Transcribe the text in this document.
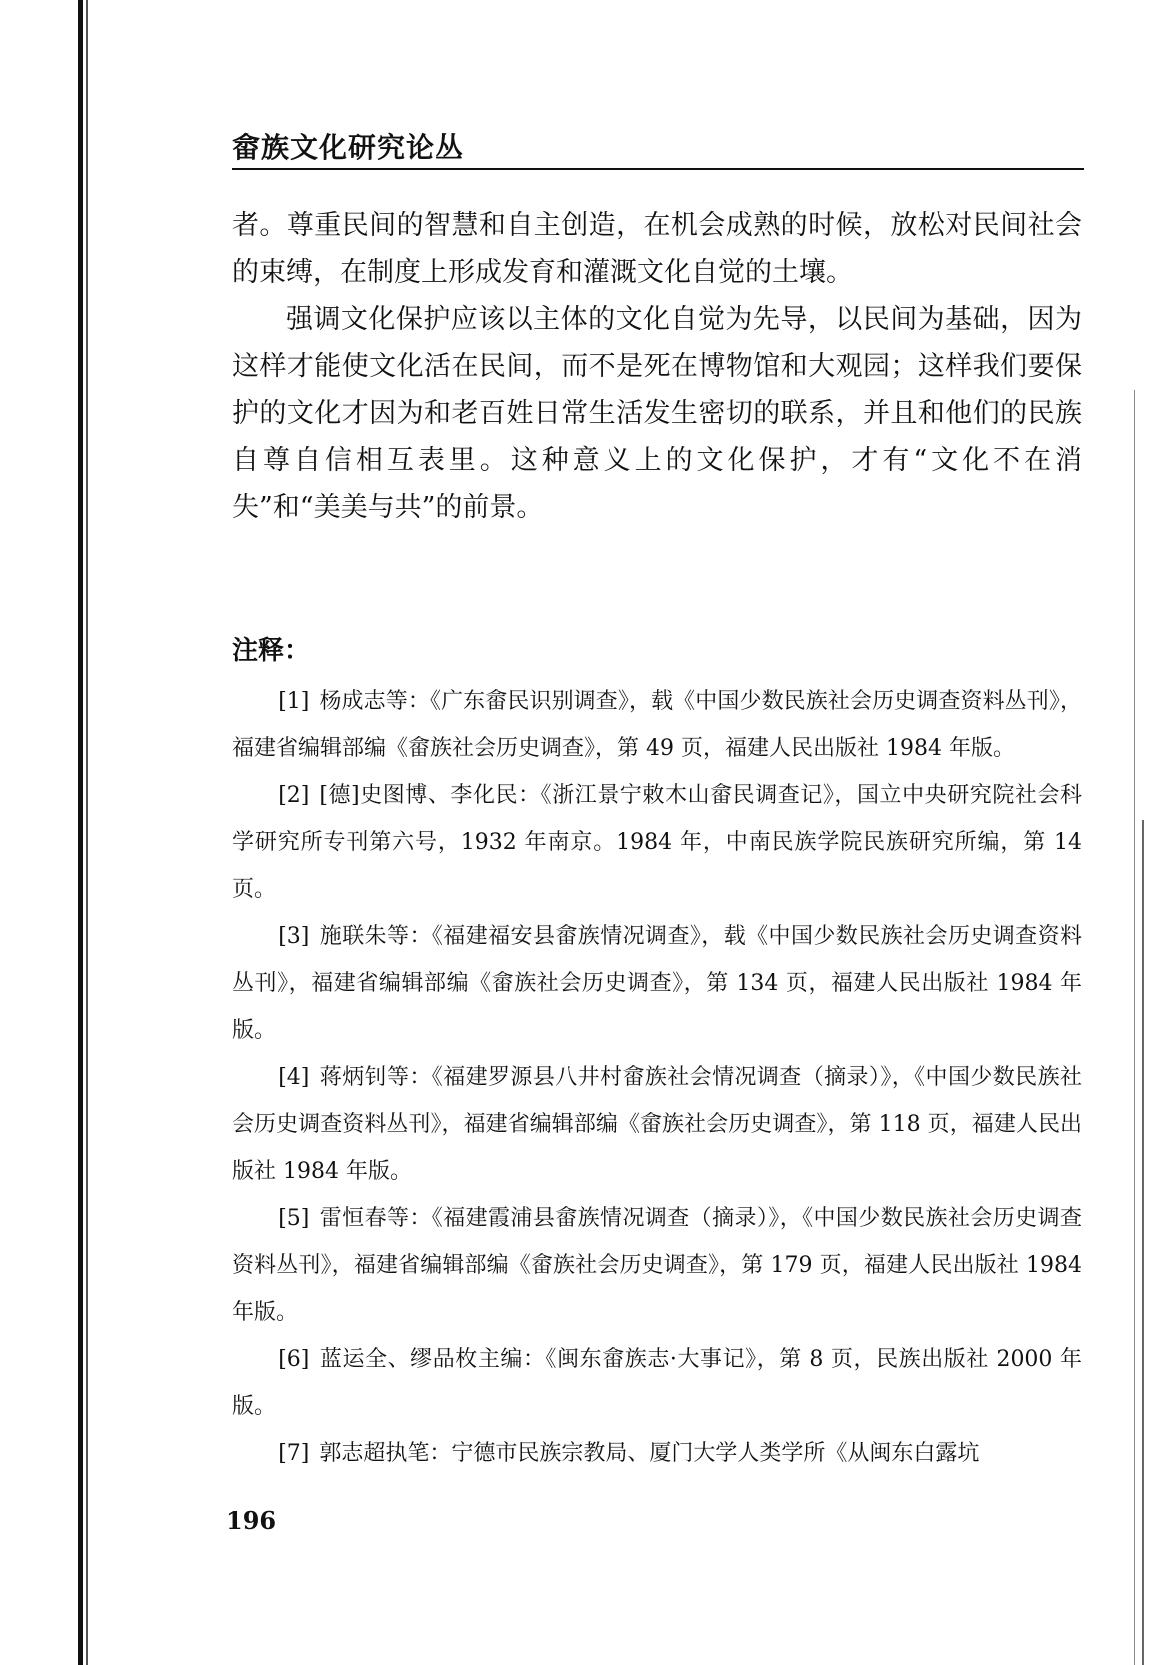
畲族文化研究论丛

者。尊重民间的智慧和自主创造，在机会成熟的时候，放松对民间社会的束缚，在制度上形成发育和灌溉文化自觉的土壤。

强调文化保护应该以主体的文化自觉为先导，以民间为基础，因为这样才能使文化活在民间，而不是死在博物馆和大观园；这样我们要保护的文化才因为和老百姓日常生活发生密切的联系，并且和他们的民族自尊自信相互表里。这种意义上的文化保护，才有“文化不在消失”和“美美与共”的前景。

注释：

[1] 杨成志等：《广东畲民识别调查》，载《中国少数民族社会历史调查资料丛刊》，福建省编辑部编《畲族社会历史调查》，第 49 页，福建人民出版社 1984 年版。

[2] [德]史图博、李化民：《浙江景宁敕木山畲民调查记》，国立中央研究院社会科学研究所专刊第六号，1932 年南京。1984 年，中南民族学院民族研究所编，第 14 页。

[3] 施联朱等：《福建福安县畲族情况调查》，载《中国少数民族社会历史调查资料丛刊》，福建省编辑部编《畲族社会历史调查》，第 134 页，福建人民出版社 1984 年版。

[4] 蒋炳钊等：《福建罗源县八井村畲族社会情况调查（摘录）》，《中国少数民族社会历史调查资料丛刊》，福建省编辑部编《畲族社会历史调查》，第 118 页，福建人民出版社 1984 年版。

[5] 雷恒春等：《福建霞浦县畲族情况调查（摘录）》，《中国少数民族社会历史调查资料丛刊》，福建省编辑部编《畲族社会历史调查》，第 179 页，福建人民出版社 1984 年版。

[6] 蓝运全、缪品枚主编：《闽东畲族志·大事记》，第 8 页，民族出版社 2000 年版。

[7] 郭志超执笔：宁德市民族宗教局、厦门大学人类学所《从闽东白露坑

196
